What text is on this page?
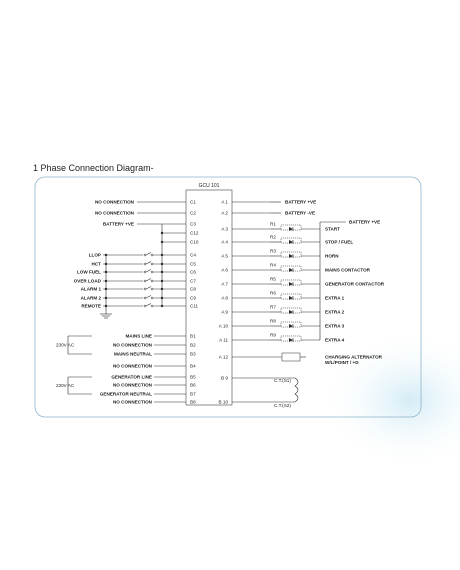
1 Phase Connection Diagram-
GCU 101
C1
NO CONNECTION
C2
NO CONNECTION
C3
BATTERY +VE
C12
C10
C4
LLOP
C5
HCT
C6
LOW FUEL
C7
OVER LOAD
C8
ALARM 1
C9
ALARM 2
C11
REMOTE
B1
MAINS LINE
B2
NO CONNECTION
B3
MAINS NEUTRAL
B4
NO CONNECTION
B5
GENERATOR LINE
B6
NO CONNECTION
B7
GENERATOR NEUTRAL
B8
NO CONNECTION
230V AC
230V AC
A 1	BATTERY +VE
A 2	BATTERY -VE
A 3
R1
START
A 4
R2
STOP / FUEL
A 5
R3
HORN
A 6
R4
MAINS CONTACTOR
A 7
R5
GENERATOR CONTACTOR
A 8
R6
EXTRA 1
A 9
R7
EXTRA 2
A 10
R8
EXTRA 3
A 11
R9
EXTRA 4
BATTERY +VE
A 12	CHARGING ALTERNATOR
W/L/POINT / +D
B 9	C.T.(S1)
B 10
C.T.(S2)
